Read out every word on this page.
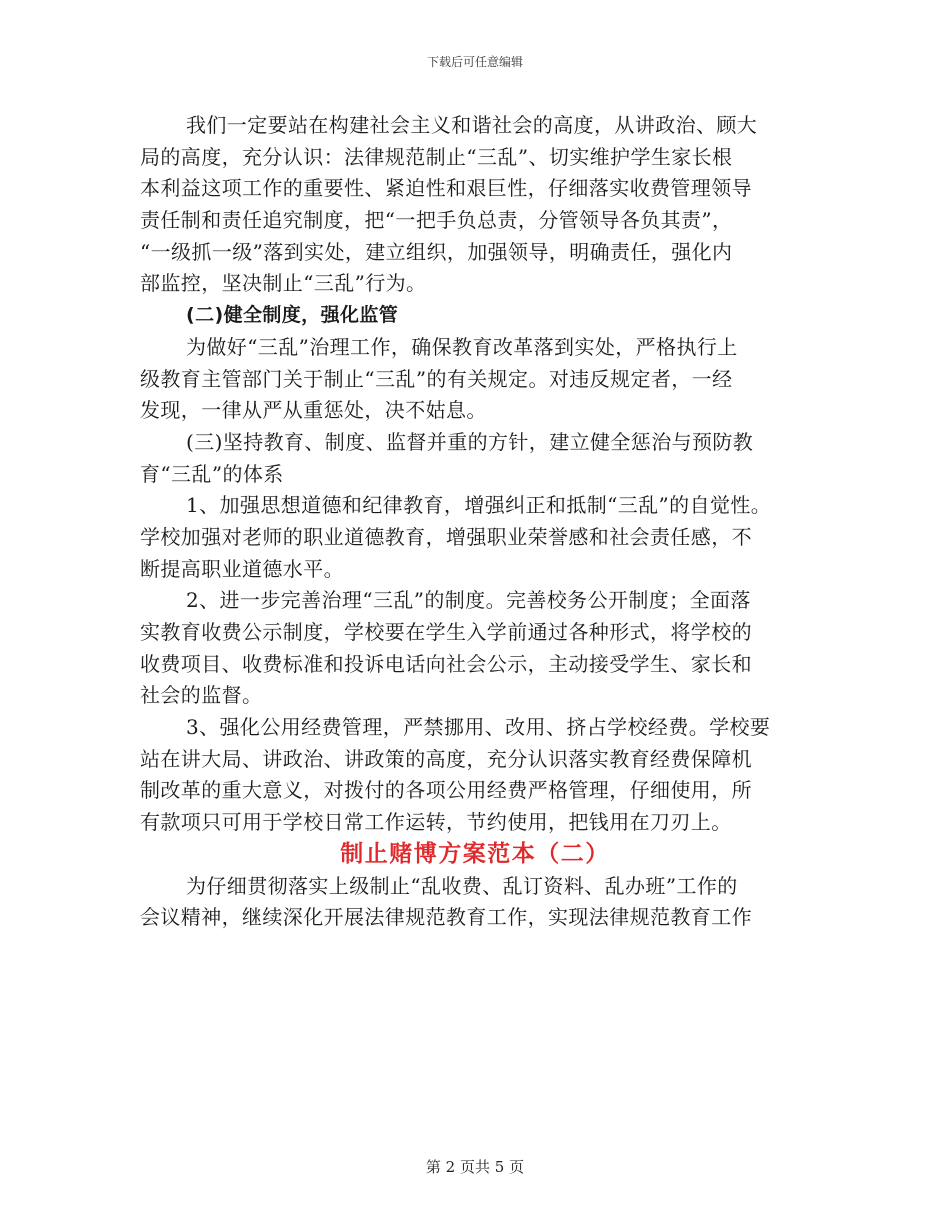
下载后可任意编辑
我们一定要站在构建社会主义和谐社会的高度，从讲政治、顾大
局的高度，充分认识：法律规范制止“三乱”、切实维护学生家长根
本利益这项工作的重要性、紧迫性和艰巨性，仔细落实收费管理领导
责任制和责任追究制度，把“一把手负总责，分管领导各负其责”，
“一级抓一级”落到实处，建立组织，加强领导，明确责任，强化内
部监控，坚决制止“三乱”行为。
(二)健全制度，强化监管
为做好“三乱”治理工作，确保教育改革落到实处，严格执行上
级教育主管部门关于制止“三乱”的有关规定。对违反规定者，一经
发现，一律从严从重惩处，决不姑息。
(三)坚持教育、制度、监督并重的方针，建立健全惩治与预防教
育“三乱”的体系
1、加强思想道德和纪律教育，增强纠正和抵制“三乱”的自觉性。
学校加强对老师的职业道德教育，增强职业荣誉感和社会责任感，不
断提高职业道德水平。
2、进一步完善治理“三乱”的制度。完善校务公开制度；全面落
实教育收费公示制度，学校要在学生入学前通过各种形式，将学校的
收费项目、收费标准和投诉电话向社会公示，主动接受学生、家长和
社会的监督。
3、强化公用经费管理，严禁挪用、改用、挤占学校经费。学校要
站在讲大局、讲政治、讲政策的高度，充分认识落实教育经费保障机
制改革的重大意义，对拨付的各项公用经费严格管理，仔细使用，所
有款项只可用于学校日常工作运转，节约使用，把钱用在刀刃上。
制止赌博方案范本（二）
为仔细贯彻落实上级制止“乱收费、乱订资料、乱办班”工作的
会议精神，继续深化开展法律规范教育工作，实现法律规范教育工作
第 2 页共 5 页
